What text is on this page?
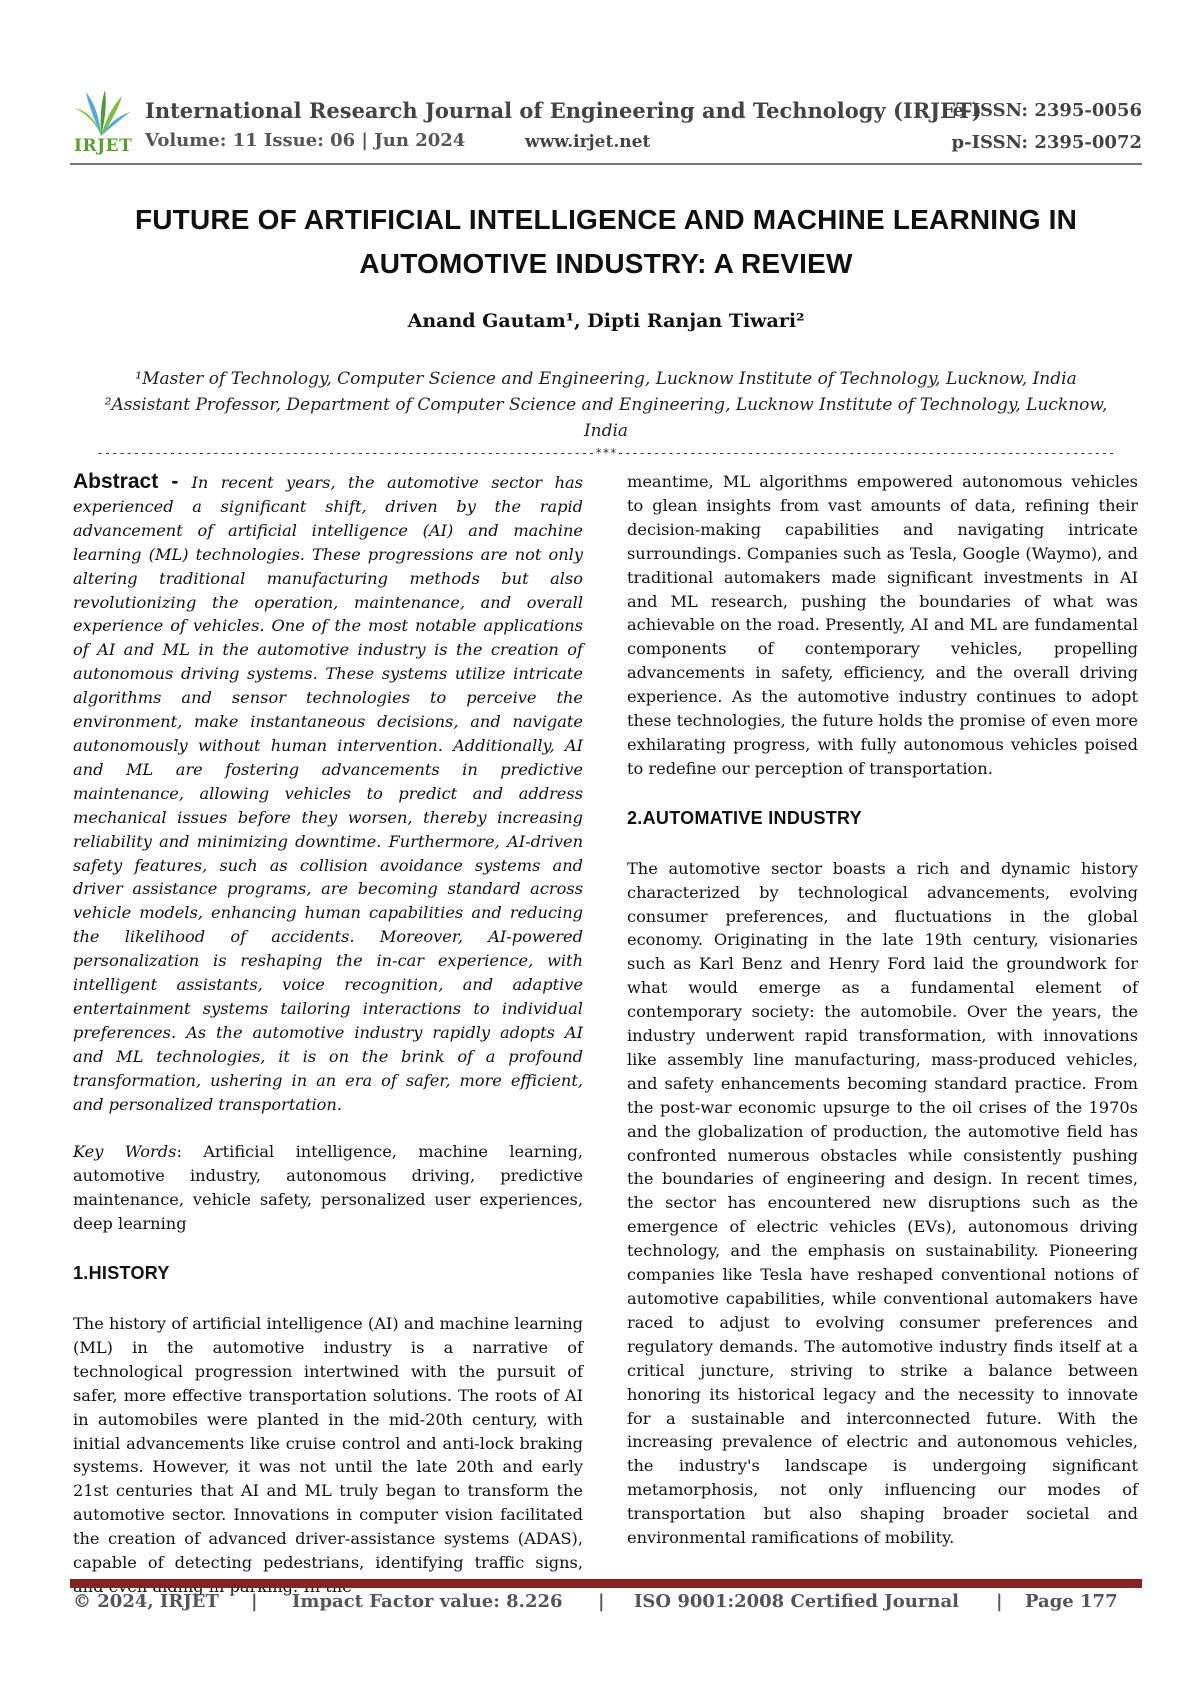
IRJET
International Research Journal of Engineering and Technology (IRJET)
e-ISSN: 2395-0056
Volume: 11 Issue: 06 | Jun 2024	www.irjet.net	p-ISSN: 2395-0072
FUTURE OF ARTIFICIAL INTELLIGENCE AND MACHINE LEARNING IN
AUTOMOTIVE INDUSTRY: A REVIEW
Anand Gautam¹, Dipti Ranjan Tiwari²
¹Master of Technology, Computer Science and Engineering, Lucknow Institute of Technology, Lucknow, India
²Assistant Professor, Department of Computer Science and Engineering, Lucknow Institute of Technology, Lucknow, India
---------------------------------------------------------------------***---------------------------------------------------------------------

Abstract - In recent years, the automotive sector has experienced a significant shift, driven by the rapid advancement of artificial intelligence (AI) and machine learning (ML) technologies. These progressions are not only altering traditional manufacturing methods but also revolutionizing the operation, maintenance, and overall experience of vehicles. One of the most notable applications of AI and ML in the automotive industry is the creation of autonomous driving systems. These systems utilize intricate algorithms and sensor technologies to perceive the environment, make instantaneous decisions, and navigate autonomously without human intervention. Additionally, AI and ML are fostering advancements in predictive maintenance, allowing vehicles to predict and address mechanical issues before they worsen, thereby increasing reliability and minimizing downtime. Furthermore, AI-driven safety features, such as collision avoidance systems and driver assistance programs, are becoming standard across vehicle models, enhancing human capabilities and reducing the likelihood of accidents. Moreover, AI-powered personalization is reshaping the in-car experience, with intelligent assistants, voice recognition, and adaptive entertainment systems tailoring interactions to individual preferences. As the automotive industry rapidly adopts AI and ML technologies, it is on the brink of a profound transformation, ushering in an era of safer, more efficient, and personalized transportation.

Key Words: Artificial intelligence, machine learning, automotive industry, autonomous driving, predictive maintenance, vehicle safety, personalized user experiences, deep learning

1.HISTORY

The history of artificial intelligence (AI) and machine learning (ML) in the automotive industry is a narrative of technological progression intertwined with the pursuit of safer, more effective transportation solutions. The roots of AI in automobiles were planted in the mid-20th century, with initial advancements like cruise control and anti-lock braking systems. However, it was not until the late 20th and early 21st centuries that AI and ML truly began to transform the automotive sector. Innovations in computer vision facilitated the creation of advanced driver-assistance systems (ADAS), capable of detecting pedestrians, identifying traffic signs,

meantime, ML algorithms empowered autonomous vehicles to glean insights from vast amounts of data, refining their decision-making capabilities and navigating intricate surroundings. Companies such as Tesla, Google (Waymo), and traditional automakers made significant investments in AI and ML research, pushing the boundaries of what was achievable on the road. Presently, AI and ML are fundamental components of contemporary vehicles, propelling advancements in safety, efficiency, and the overall driving experience. As the automotive industry continues to adopt these technologies, the future holds the promise of even more exhilarating progress, with fully autonomous vehicles poised to redefine our perception of transportation.

2.AUTOMATIVE INDUSTRY

The automotive sector boasts a rich and dynamic history characterized by technological advancements, evolving consumer preferences, and fluctuations in the global economy. Originating in the late 19th century, visionaries such as Karl Benz and Henry Ford laid the groundwork for what would emerge as a fundamental element of contemporary society: the automobile. Over the years, the industry underwent rapid transformation, with innovations like assembly line manufacturing, mass-produced vehicles, and safety enhancements becoming standard practice. From the post-war economic upsurge to the oil crises of the 1970s and the globalization of production, the automotive field has confronted numerous obstacles while consistently pushing the boundaries of engineering and design. In recent times, the sector has encountered new disruptions such as the emergence of electric vehicles (EVs), autonomous driving technology, and the emphasis on sustainability. Pioneering companies like Tesla have reshaped conventional notions of automotive capabilities, while conventional automakers have raced to adjust to evolving consumer preferences and regulatory demands. The automotive industry finds itself at a critical juncture, striving to strike a balance between honoring its historical legacy and the necessity to innovate for a sustainable and interconnected future. With the increasing prevalence of electric and autonomous vehicles, the industry's landscape is undergoing significant metamorphosis, not only influencing our modes of transportation but also shaping broader societal and environmental ramifications of mobility.

© 2024, IRJET | Impact Factor value: 8.226 | ISO 9001:2008 Certified Journal | Page 177
